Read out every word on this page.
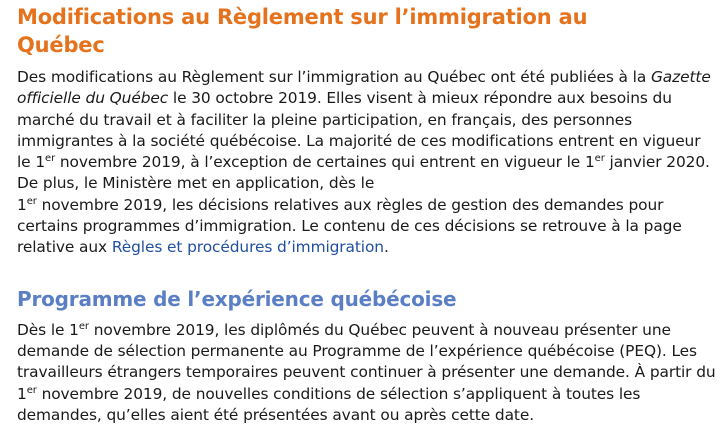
Modifications au Règlement sur l’immigration au
Québec

Des modifications au Règlement sur l’immigration au Québec ont été publiées à la Gazette officielle du Québec le 30 octobre 2019. Elles visent à mieux répondre aux besoins du marché du travail et à faciliter la pleine participation, en français, des personnes immigrantes à la société québécoise. La majorité de ces modifications entrent en vigueur le 1er novembre 2019, à l’exception de certaines qui entrent en vigueur le 1er janvier 2020. De plus, le Ministère met en application, dès le
1er novembre 2019, les décisions relatives aux règles de gestion des demandes pour certains programmes d’immigration. Le contenu de ces décisions se retrouve à la page relative aux Règles et procédures d’immigration.

Programme de l’expérience québécoise

Dès le 1er novembre 2019, les diplômés du Québec peuvent à nouveau présenter une demande de sélection permanente au Programme de l’expérience québécoise (PEQ). Les travailleurs étrangers temporaires peuvent continuer à présenter une demande. À partir du 1er novembre 2019, de nouvelles conditions de sélection s’appliquent à toutes les demandes, qu’elles aient été présentées avant ou après cette date.
